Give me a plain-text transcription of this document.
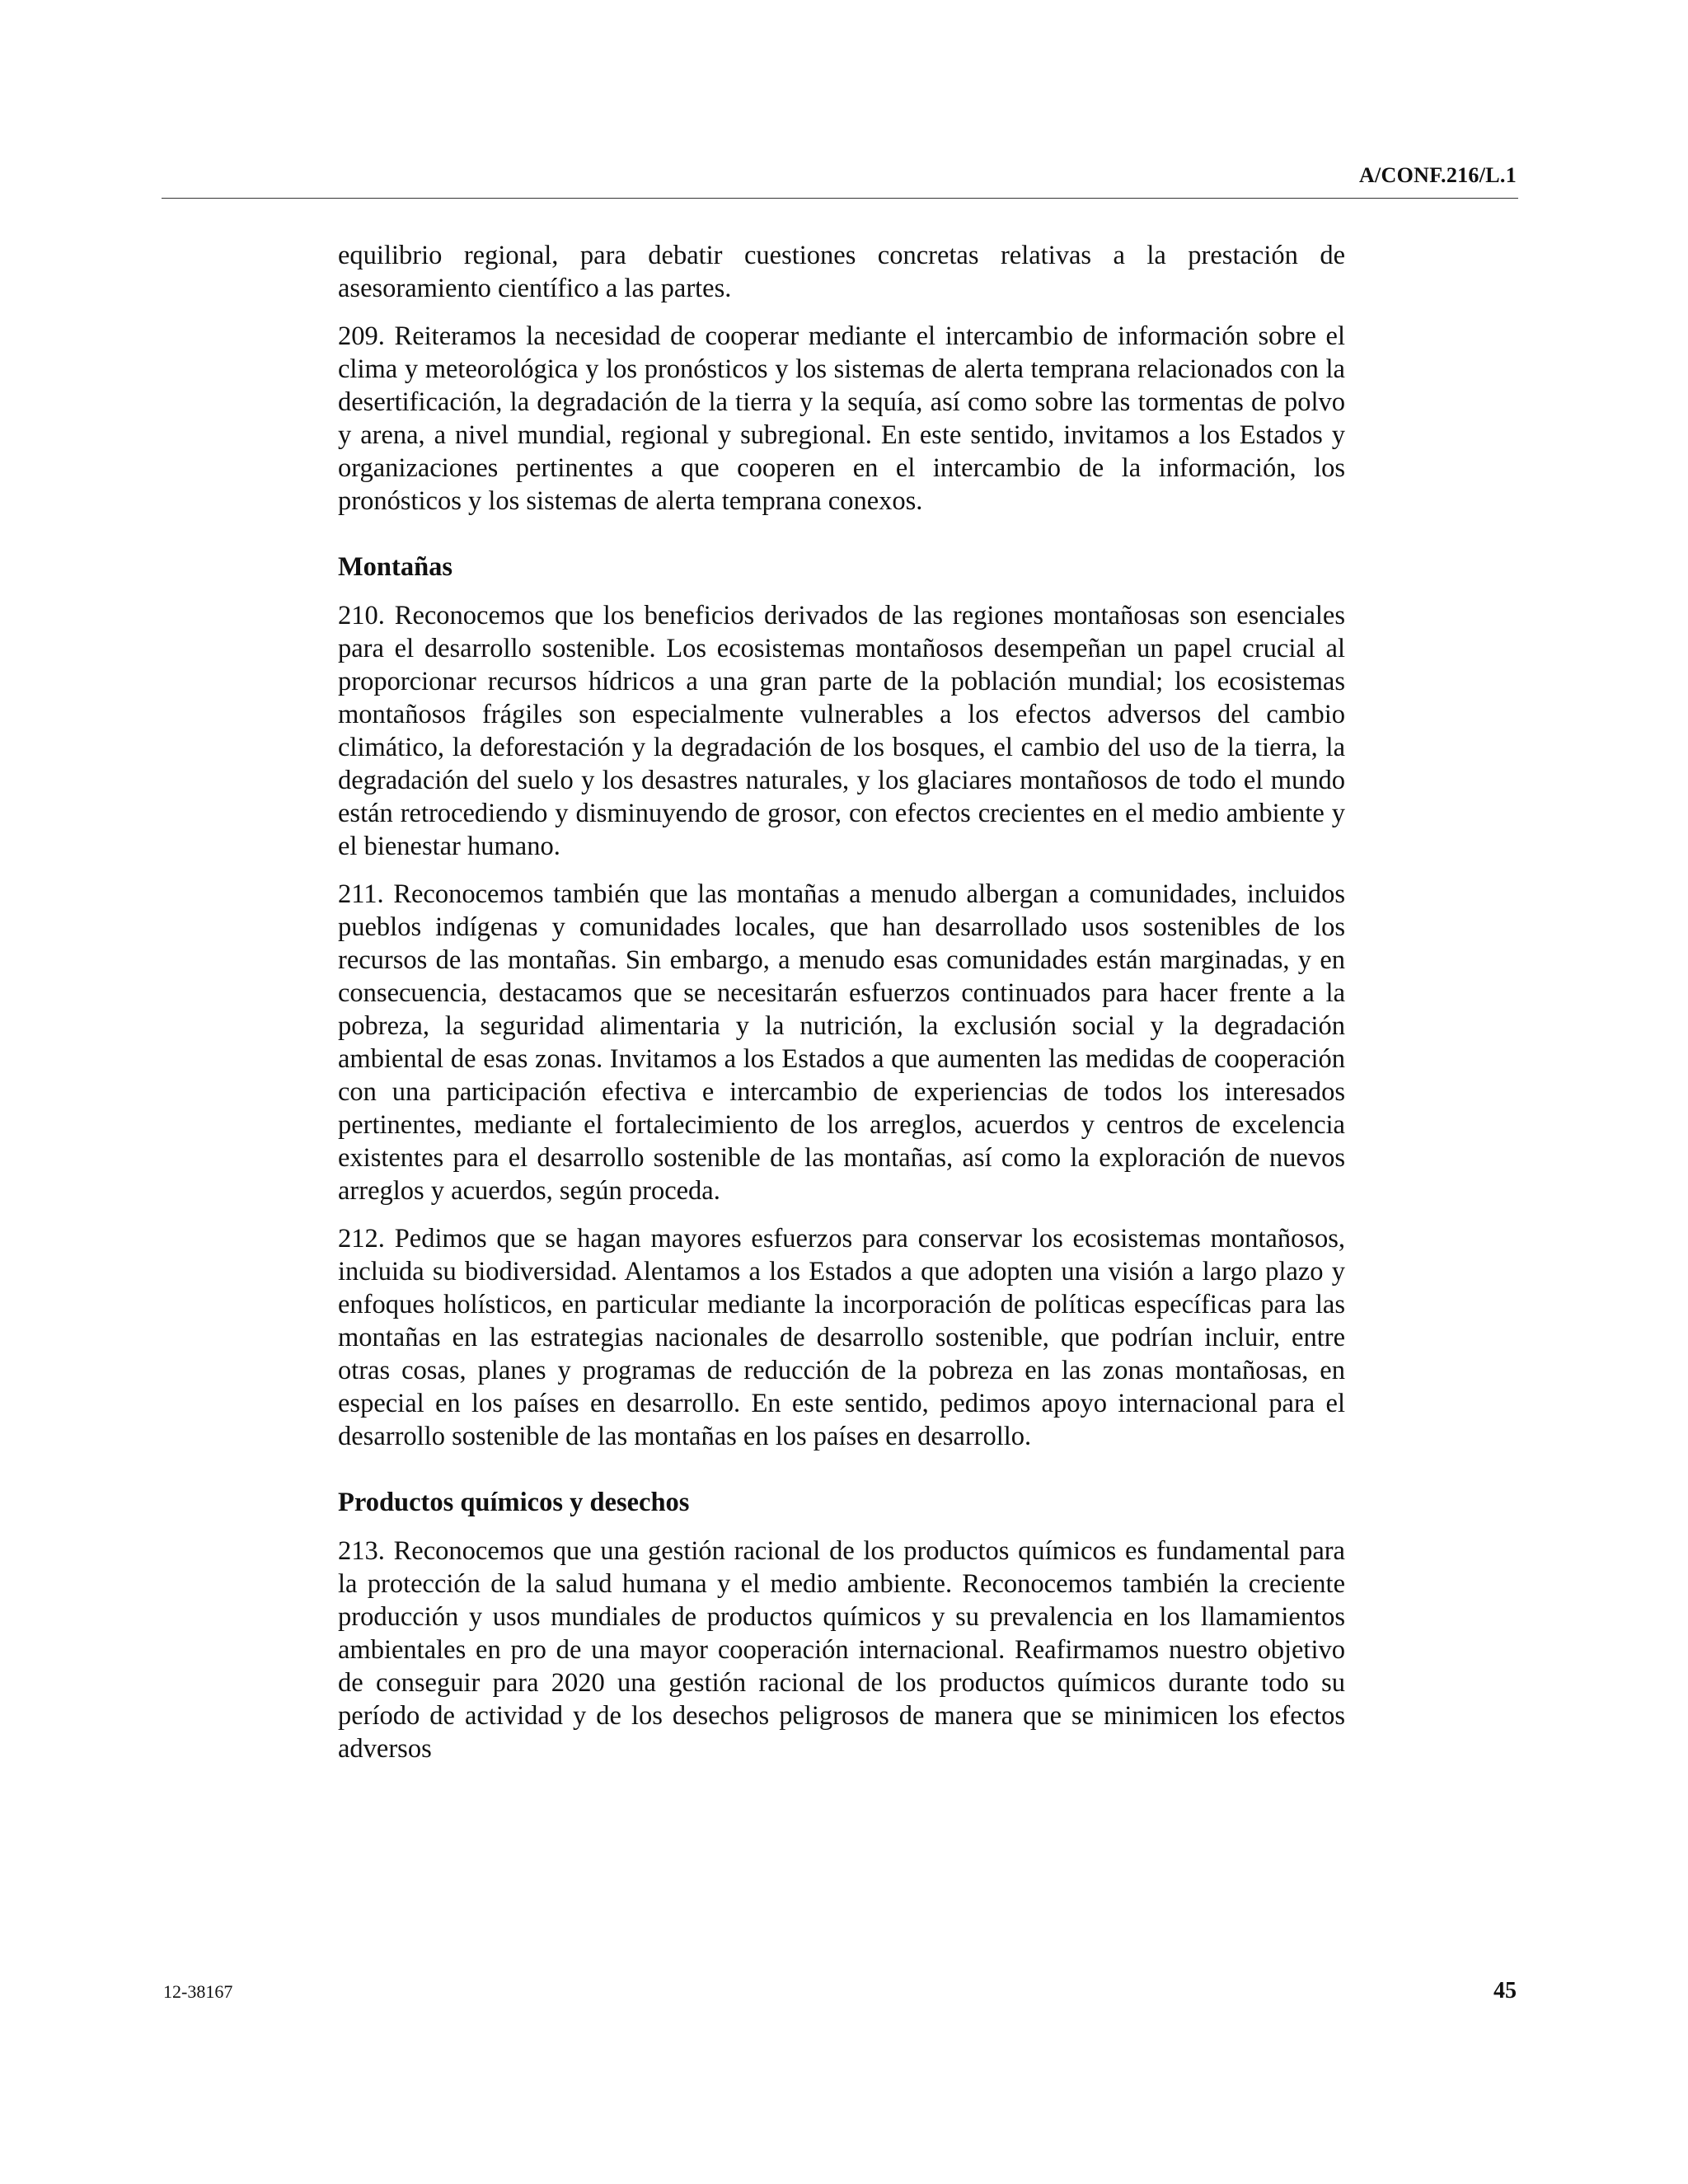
A/CONF.216/L.1

equilibrio regional, para debatir cuestiones concretas relativas a la prestación de asesoramiento científico a las partes.

209. Reiteramos la necesidad de cooperar mediante el intercambio de información sobre el clima y meteorológica y los pronósticos y los sistemas de alerta temprana relacionados con la desertificación, la degradación de la tierra y la sequía, así como sobre las tormentas de polvo y arena, a nivel mundial, regional y subregional. En este sentido, invitamos a los Estados y organizaciones pertinentes a que cooperen en el intercambio de la información, los pronósticos y los sistemas de alerta temprana conexos.

Montañas

210. Reconocemos que los beneficios derivados de las regiones montañosas son esenciales para el desarrollo sostenible. Los ecosistemas montañosos desempeñan un papel crucial al proporcionar recursos hídricos a una gran parte de la población mundial; los ecosistemas montañosos frágiles son especialmente vulnerables a los efectos adversos del cambio climático, la deforestación y la degradación de los bosques, el cambio del uso de la tierra, la degradación del suelo y los desastres naturales, y los glaciares montañosos de todo el mundo están retrocediendo y disminuyendo de grosor, con efectos crecientes en el medio ambiente y el bienestar humano.

211. Reconocemos también que las montañas a menudo albergan a comunidades, incluidos pueblos indígenas y comunidades locales, que han desarrollado usos sostenibles de los recursos de las montañas. Sin embargo, a menudo esas comunidades están marginadas, y en consecuencia, destacamos que se necesitarán esfuerzos continuados para hacer frente a la pobreza, la seguridad alimentaria y la nutrición, la exclusión social y la degradación ambiental de esas zonas. Invitamos a los Estados a que aumenten las medidas de cooperación con una participación efectiva e intercambio de experiencias de todos los interesados pertinentes, mediante el fortalecimiento de los arreglos, acuerdos y centros de excelencia existentes para el desarrollo sostenible de las montañas, así como la exploración de nuevos arreglos y acuerdos, según proceda.

212. Pedimos que se hagan mayores esfuerzos para conservar los ecosistemas montañosos, incluida su biodiversidad. Alentamos a los Estados a que adopten una visión a largo plazo y enfoques holísticos, en particular mediante la incorporación de políticas específicas para las montañas en las estrategias nacionales de desarrollo sostenible, que podrían incluir, entre otras cosas, planes y programas de reducción de la pobreza en las zonas montañosas, en especial en los países en desarrollo. En este sentido, pedimos apoyo internacional para el desarrollo sostenible de las montañas en los países en desarrollo.

Productos químicos y desechos

213. Reconocemos que una gestión racional de los productos químicos es fundamental para la protección de la salud humana y el medio ambiente. Reconocemos también la creciente producción y usos mundiales de productos químicos y su prevalencia en los llamamientos ambientales en pro de una mayor cooperación internacional. Reafirmamos nuestro objetivo de conseguir para 2020 una gestión racional de los productos químicos durante todo su período de actividad y de los desechos peligrosos de manera que se minimicen los efectos adversos

12-38167	45
